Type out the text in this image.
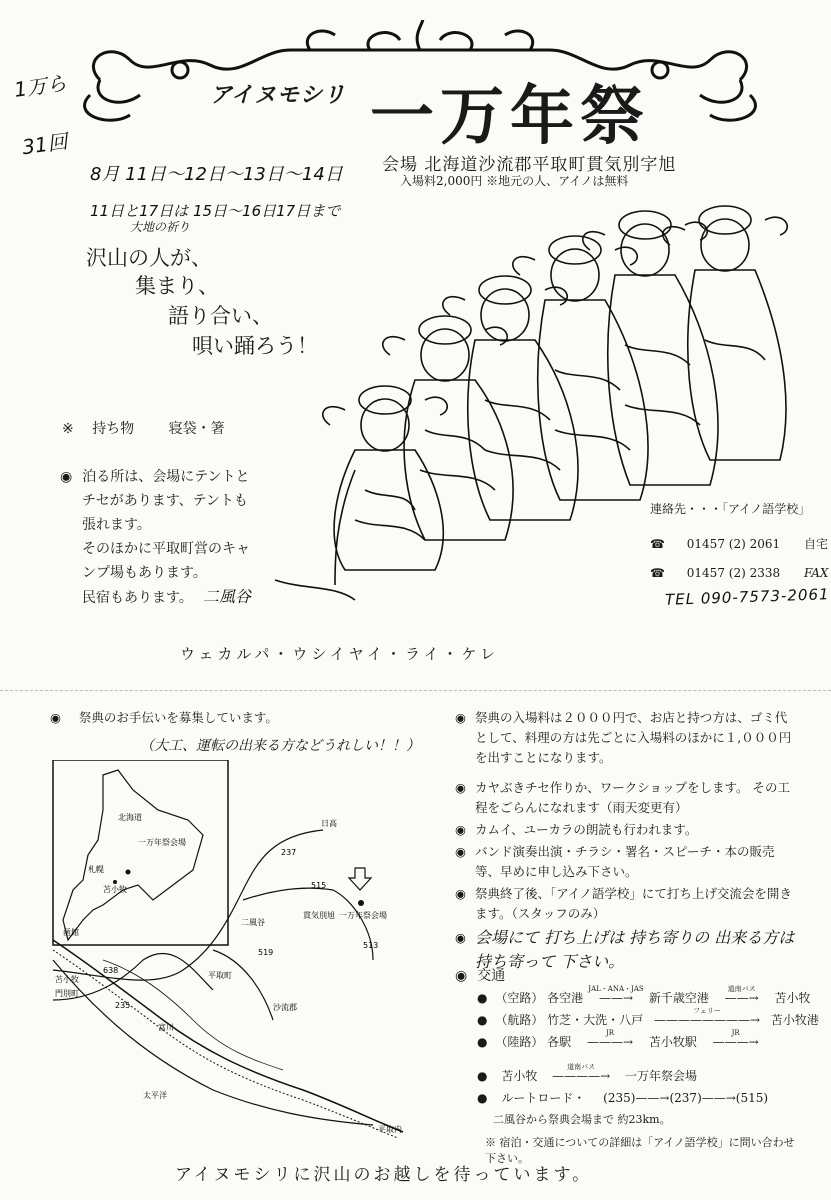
1万ら
31回
アイヌモシリ 一万年祭
会場 北海道沙流郡平取町貫気別字旭
入場料2,000円 ※地元の人、アイノは無料
8月 11日〜12日〜13日〜14日
11日と17日は 15日〜16日17日まで
大地の祈り
沢山の人が、
集まり、
語り合い、
唄い踊ろう！
※ 持ち物 寝袋・箸
◉ 泊る所は、会場にテントと
チセがあります、テントも
張れます。
そのほかに平取町営のキャ
ンプ場もあります。
民宿もあります。 二風谷
連絡先・・・「アイノ語学校」
☎ 01457 (2) 2061 自宅
☎ 01457 (2) 2338 FAX
TEL 090-7573-2061
ウェカルパ・ウシイヤイ・ライ・ケレ
◉ 祭典のお手伝いを募集しています。
（大工、運転の出来る方などうれしい！！）
北海道
一万年祭会場
札幌
苫小牧
函館
日高
二風谷
平取町
貫気別旭 一万年祭会場
苫小牧
富川
門別町
沙流郡
太平洋
平取内
237
515
638
235
519
513
◉ 祭典の入場料は２０００円で、お店と持つ方は、ゴミ代として、料理の方は先ごとに入場料のほかに１,０００円を出すことになります。
◉ カヤぶきチセ作りか、ワークショップをします。 その工程をごらんになれます（雨天変更有）
◉ カムイ、ユーカラの朗読も行われます。
◉ バンド演奏出演・チラシ・署名・スピーチ・本の販売等、早めに申し込み下さい。
◉ 祭典終了後、「アイノ語学校」にて打ち上げ交流会を開きます。（スタッフのみ）
◉ 会場にて 打ち上げは 持ち寄りの 出来る方は 持ち寄って 下さい。
◉ 交通
● （空路） 各空港
JAL・ANA・JAS
——→ 新千歳空港
道南バス
——→ 苫小牧
● （航路） 竹芝・大洗・八戸
フェリー
————————→ 苫小牧港
● （陸路） 各駅
JR
———→ 苫小牧駅
JR
———→
● 苫小牧
道南バス
————→ 一万年祭会場
● ルートロード・ (235)——→(237)——→(515)
二風谷から祭典会場まで 約23km。
※ 宿泊・交通についての詳細は「アイノ語学校」に問い合わせ下さい。
アイヌモシリに沢山のお越しを待っています。
